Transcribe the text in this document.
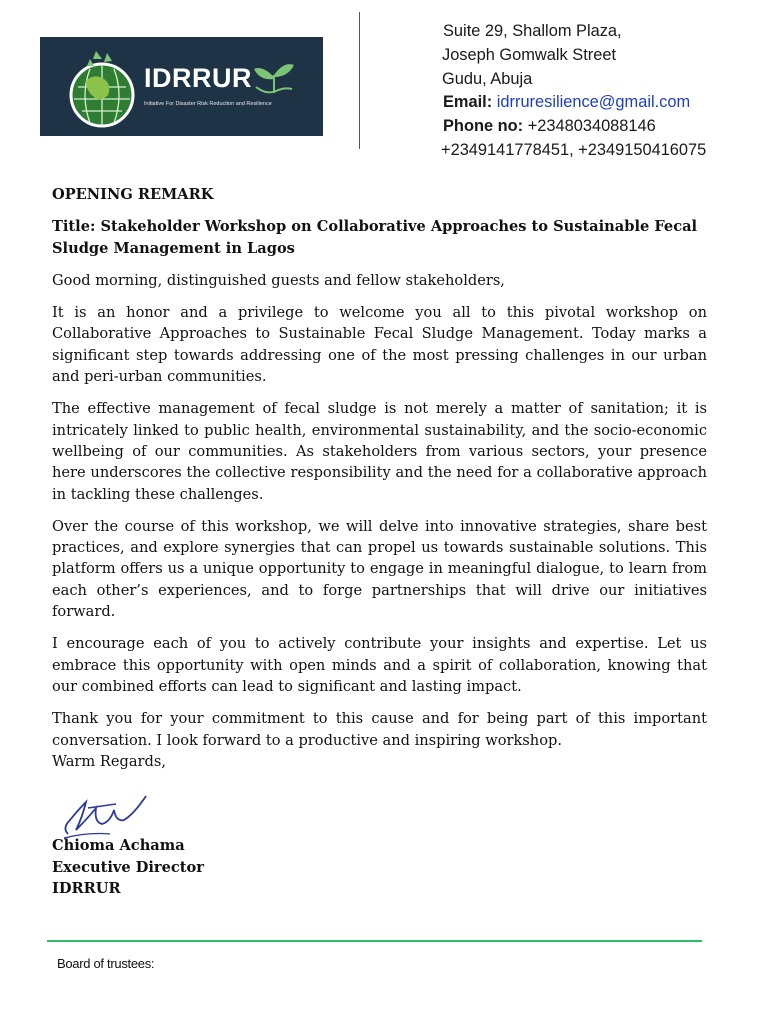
IDRRUR
Initiative For Disaster Risk Reduction and Resilience
Suite 29, Shallom Plaza,
Joseph Gomwalk Street
Gudu, Abuja
Email: idrruresilience@gmail.com
Phone no: +2348034088146
+2349141778451, +2349150416075
OPENING REMARK

Title: Stakeholder Workshop on Collaborative Approaches to Sustainable Fecal Sludge Management in Lagos

Good morning, distinguished guests and fellow stakeholders,

It is an honor and a privilege to welcome you all to this pivotal workshop on Collaborative Approaches to Sustainable Fecal Sludge Management. Today marks a significant step towards addressing one of the most pressing challenges in our urban and peri-urban communities.

The effective management of fecal sludge is not merely a matter of sanitation; it is intricately linked to public health, environmental sustainability, and the socio-economic wellbeing of our communities. As stakeholders from various sectors, your presence here underscores the collective responsibility and the need for a collaborative approach in tackling these challenges.

Over the course of this workshop, we will delve into innovative strategies, share best practices, and explore synergies that can propel us towards sustainable solutions. This platform offers us a unique opportunity to engage in meaningful dialogue, to learn from each other’s experiences, and to forge partnerships that will drive our initiatives forward.

I encourage each of you to actively contribute your insights and expertise. Let us embrace this opportunity with open minds and a spirit of collaboration, knowing that our combined efforts can lead to significant and lasting impact.

Thank you for your commitment to this cause and for being part of this important conversation. I look forward to a productive and inspiring workshop.

Warm Regards,

Chioma Achama
Executive Director
IDRRUR
Board of trustees:
